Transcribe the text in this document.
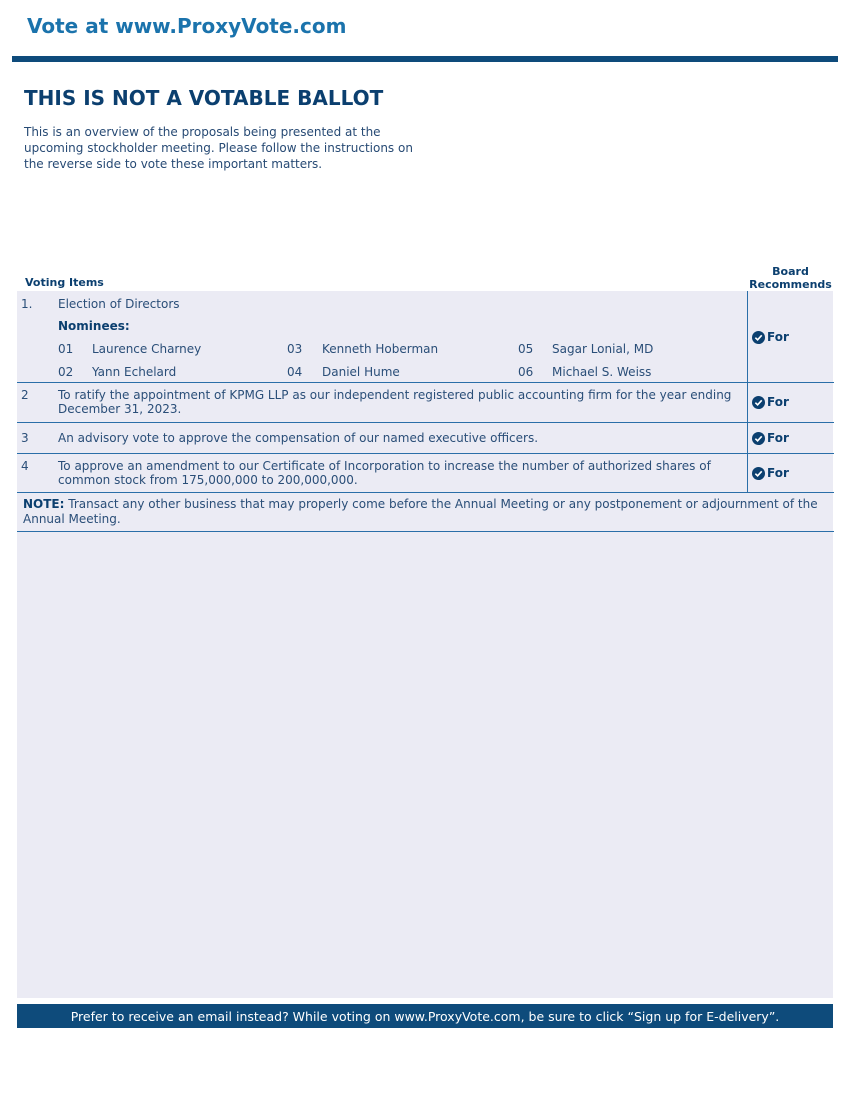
Vote at www.ProxyVote.com
THIS IS NOT A VOTABLE BALLOT
This is an overview of the proposals being presented at the upcoming stockholder meeting. Please follow the instructions on the reverse side to vote these important matters.
Voting Items
Board
Recommends
1. Election of Directors
Nominees:
01 Laurence Charney
02 Yann Echelard
03 Kenneth Hoberman
04 Daniel Hume
05 Sagar Lonial, MD
06 Michael S. Weiss
For
2 To ratify the appointment of KPMG LLP as our independent registered public accounting firm for the year ending December 31, 2023.	For
3 An advisory vote to approve the compensation of our named executive officers.	For
4 To approve an amendment to our Certificate of Incorporation to increase the number of authorized shares of common stock from 175,000,000 to 200,000,000.	For
NOTE: Transact any other business that may properly come before the Annual Meeting or any postponement or adjournment of the Annual Meeting.
Prefer to receive an email instead? While voting on www.ProxyVote.com, be sure to click “Sign up for E-delivery”.
